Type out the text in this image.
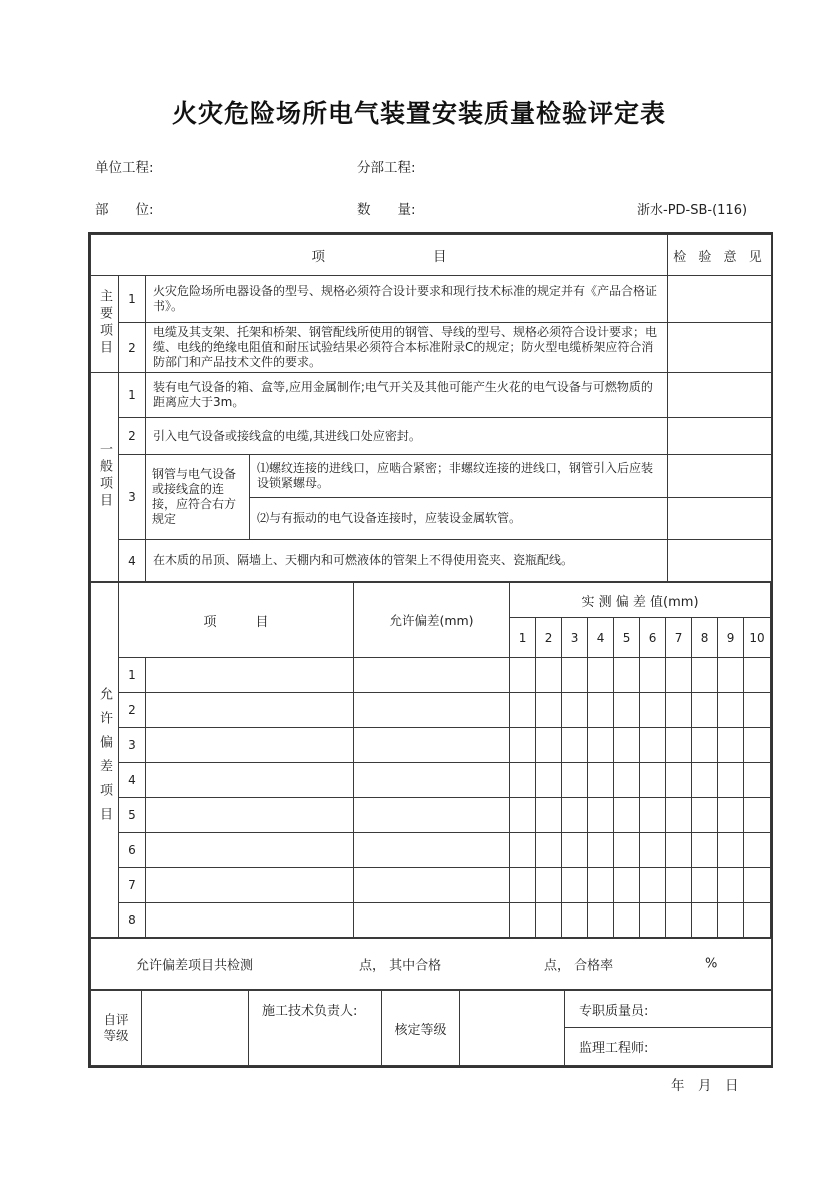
火灾危险场所电气装置安装质量检验评定表
单位工程:	分部工程:
部　　位:	数　　量:	浙水-PD-SB-(116)
项　　　　　　　　目				检 验 意 见
主要项目	1	火灾危险场所电器设备的型号、规格必须符合设计要求和现行技术标准的规定并有《产品合格证书》。		
	2	电缆及其支架、托架和桥架、钢管配线所使用的钢管、导线的型号、规格必须符合设计要求；电缆、电线的绝缘电阻值和耐压试验结果必须符合本标准附录C的规定；防火型电缆桥架应符合消防部门和产品技术文件的要求。		
一般项目	1	装有电气设备的箱、盒等,应用金属制作;电气开关及其他可能产生火花的电气设备与可燃物质的距离应大于3m。		
	2	引入电气设备或接线盒的电缆,其进线口处应密封。		
	3	钢管与电气设备或接线盒的连接，应符合右方规定	⑴螺纹连接的进线口，应啮合紧密；非螺纹连接的进线口，钢管引入后应装设锁紧螺母。	
			⑵与有振动的电气设备连接时，应装设金属软管。	
	4	在木质的吊顶、隔墙上、天棚内和可燃液体的管架上不得使用瓷夹、瓷瓶配线。		
允许偏差项目	项　　　目		允许偏差(mm)	实 测 偏 差 值(mm)									
				1	2	3	4	5	6	7	8	9	10
	1												
	2												
	3												
	4												
	5												
	6												
	7												
	8												
允许偏差项目共检测	点， 其中合格	点， 合格率	%
自评等级
		施工技术负责人:	核定等级		
专职质量员:
监理工程师:
年　月　日
